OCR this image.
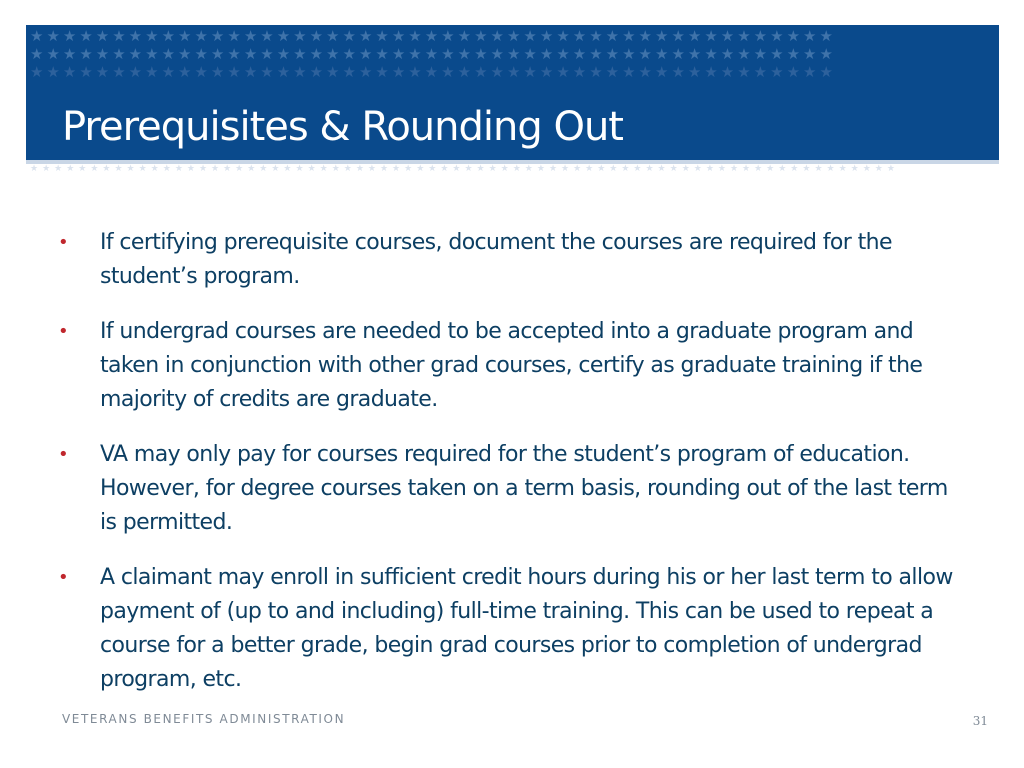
★★★★★★★★★★★★★★★★★★★★★★★★★★★★★★★★★★★★★★★★★★★★★★★★★
★★★★★★★★★★★★★★★★★★★★★★★★★★★★★★★★★★★★★★★★★★★★★★★★★
★★★★★★★★★★★★★★★★★★★★★★★★★★★★★★★★★★★★★★★★★★★★★★★★★
Prerequisites & Rounding Out
★★★★★★★★★★★★★★★★★★★★★★★★★★★★★★★★★★★★★★★★★★★★★★★★★★★★★★★★★★★★★★★★★★★★★★★★
• If certifying prerequisite courses, document the courses are required for the student’s program.
• If undergrad courses are needed to be accepted into a graduate program and taken in conjunction with other grad courses, certify as graduate training if the majority of credits are graduate.
• VA may only pay for courses required for the student’s program of education. However, for degree courses taken on a term basis, rounding out of the last term is permitted.
• A claimant may enroll in sufficient credit hours during his or her last term to allow payment of (up to and including) full-time training. This can be used to repeat a course for a better grade, begin grad courses prior to completion of undergrad program, etc.
VETERANS BENEFITS ADMINISTRATION	31
